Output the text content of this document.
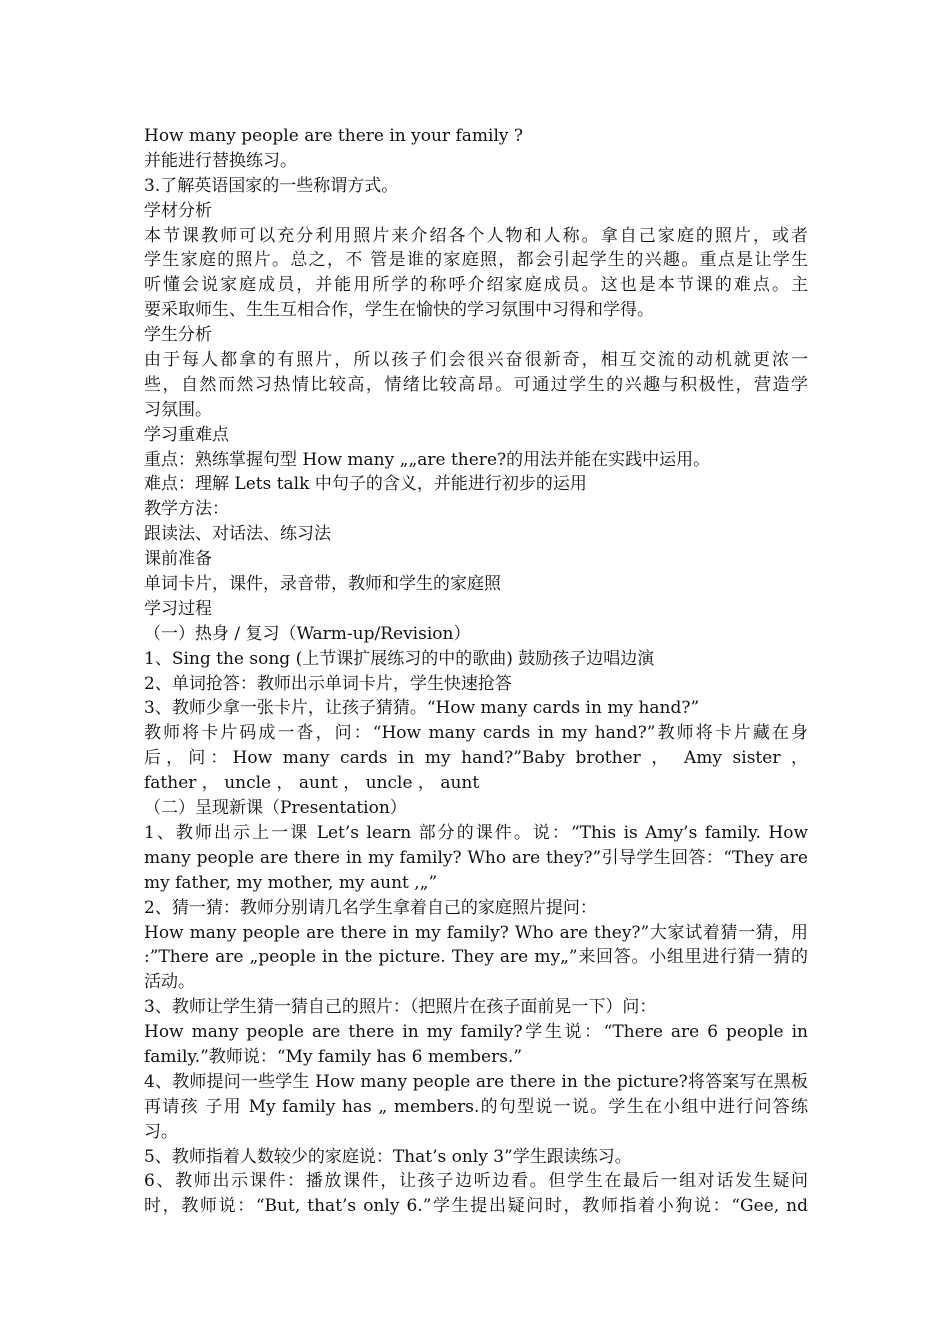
How many people are there in your family ?
并能进行替换练习。
3.了解英语国家的一些称谓方式。
学材分析
本节课教师可以充分利用照片来介绍各个人物和人称。拿自己家庭的照片，或者
学生家庭的照片。总之，不 管是谁的家庭照，都会引起学生的兴趣。重点是让学生
听懂会说家庭成员，并能用所学的称呼介绍家庭成员。这也是本节课的难点。主
要采取师生、生生互相合作，学生在愉快的学习氛围中习得和学得。
学生分析
由于每人都拿的有照片，所以孩子们会很兴奋很新奇，相互交流的动机就更浓一
些，自然而然习热情比较高，情绪比较高昂。可通过学生的兴趣与积极性，营造学
习氛围。
学习重难点
重点：熟练掌握句型 How many „„are there?的用法并能在实践中运用。
难点：理解 Lets talk 中句子的含义，并能进行初步的运用
教学方法：
跟读法、对话法、练习法
课前准备
单词卡片，课件，录音带，教师和学生的家庭照
学习过程
（一）热身 / 复习（Warm-up/Revision）
1、Sing the song (上节课扩展练习的中的歌曲) 鼓励孩子边唱边演
2、单词抢答：教师出示单词卡片，学生快速抢答
3、教师少拿一张卡片，让孩子猜猜。“How many cards in my hand?”
教师将卡片码成一沓，问：“How many cards in my hand?”教师将卡片藏在身
后，问：How many cards in my hand?”Baby brother ， Amy sister ，
father ， uncle ， aunt ， uncle ， aunt
（二）呈现新课（Presentation）
1、教师出示上一课 Let’s learn 部分的课件。说：“This is Amy’s family. How
many people are there in my family? Who are they?”引导学生回答：“They are
my father, my mother, my aunt ,„”
2、猜一猜：教师分别请几名学生拿着自己的家庭照片提问：
How many people are there in my family? Who are they?”大家试着猜一猜，用
:”There are „people in the picture. They are my„”来回答。小组里进行猜一猜的
活动。
3、教师让学生猜一猜自己的照片：（把照片在孩子面前晃一下）问：
How many people are there in my family?学生说：“There are 6 people in
family.”教师说：“My family has 6 members.”
4、教师提问一些学生 How many people are there in the picture?将答案写在黑板
再请孩 子用 My family has „ members.的句型说一说。学生在小组中进行问答练
习。
5、教师指着人数较少的家庭说：That’s only 3”学生跟读练习。
6、教师出示课件：播放课件，让孩子边听边看。但学生在最后一组对话发生疑问
时，教师说：“But, that’s only 6.”学生提出疑问时，教师指着小狗说：“Gee, nd
